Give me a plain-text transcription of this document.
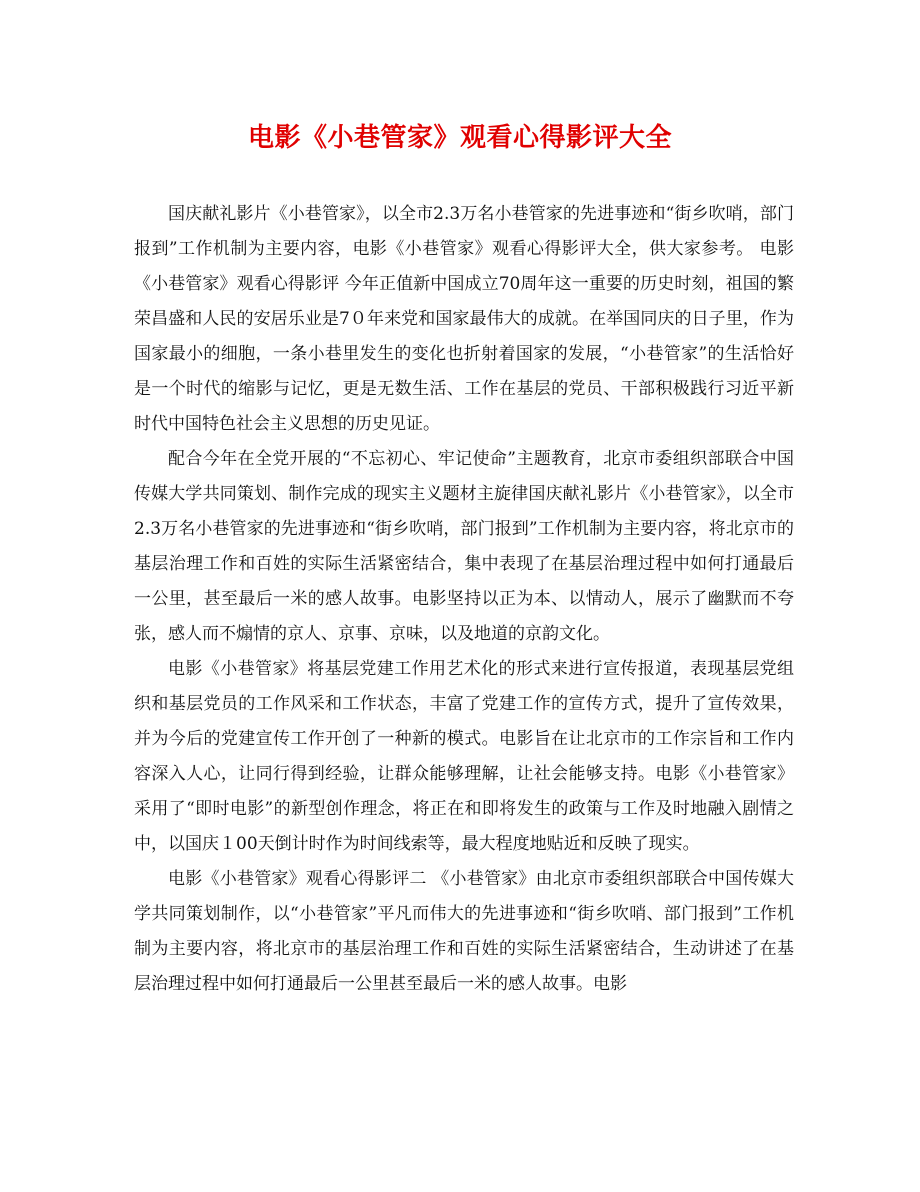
电影《小巷管家》观看心得影评大全

国庆献礼影片《小巷管家》，以全市2.3万名小巷管家的先进事迹和“街乡吹哨，部门报到”工作机制为主要内容，电影《小巷管家》观看心得影评大全，供大家参考。﻿ 电影《小巷管家》观看心得影评﻿ 今年正值新中国成立70周年这一重要的历史时刻，祖国的繁荣昌盛和人民的安居乐业是7０年来党和国家最伟大的成就。在举国同庆的日子里，作为国家最小的细胞，一条小巷里发生的变化也折射着国家的发展，“小巷管家”的生活恰好是一个时代的缩影与记忆，更是无数生活、工作在基层的党员、干部积极践行习近平新时代中国特色社会主义思想的历史见证。

配合今年在全党开展的“不忘初心、牢记使命”主题教育，北京市委组织部联合中国传媒大学共同策划、制作完成的现实主义题材主旋律国庆献礼影片《小巷管家》，以全市2.3万名小巷管家的先进事迹和“街乡吹哨，部门报到”工作机制为主要内容，将北京市的基层治理工作和百姓的实际生活紧密结合，集中表现了在基层治理过程中如何打通最后一公里，甚至最后一米的感人故事。电影坚持以正为本、以情动人，展示了幽默而不夸张，感人而不煽情的京人、京事、京味，以及地道的京韵文化。

电影《小巷管家》将基层党建工作用艺术化的形式来进行宣传报道，表现基层党组织和基层党员的工作风采和工作状态，丰富了党建工作的宣传方式，提升了宣传效果，并为今后的党建宣传工作开创了一种新的模式。电影旨在让北京市的工作宗旨和工作内容深入人心，让同行得到经验，让群众能够理解，让社会能够支持。电影《小巷管家》采用了“即时电影”的新型创作理念，将正在和即将发生的政策与工作及时地融入剧情之中，以国庆１00天倒计时作为时间线索等，最大程度地贴近和反映了现实。

电影《小巷管家》观看心得影评二﻿ 《小巷管家》由北京市委组织部联合中国传媒大学共同策划制作，以“小巷管家”平凡而伟大的先进事迹和“街乡吹哨、部门报到”工作机制为主要内容，将北京市的基层治理工作和百姓的实际生活紧密结合，生动讲述了在基层治理过程中如何打通最后一公里甚至最后一米的感人故事。电影
